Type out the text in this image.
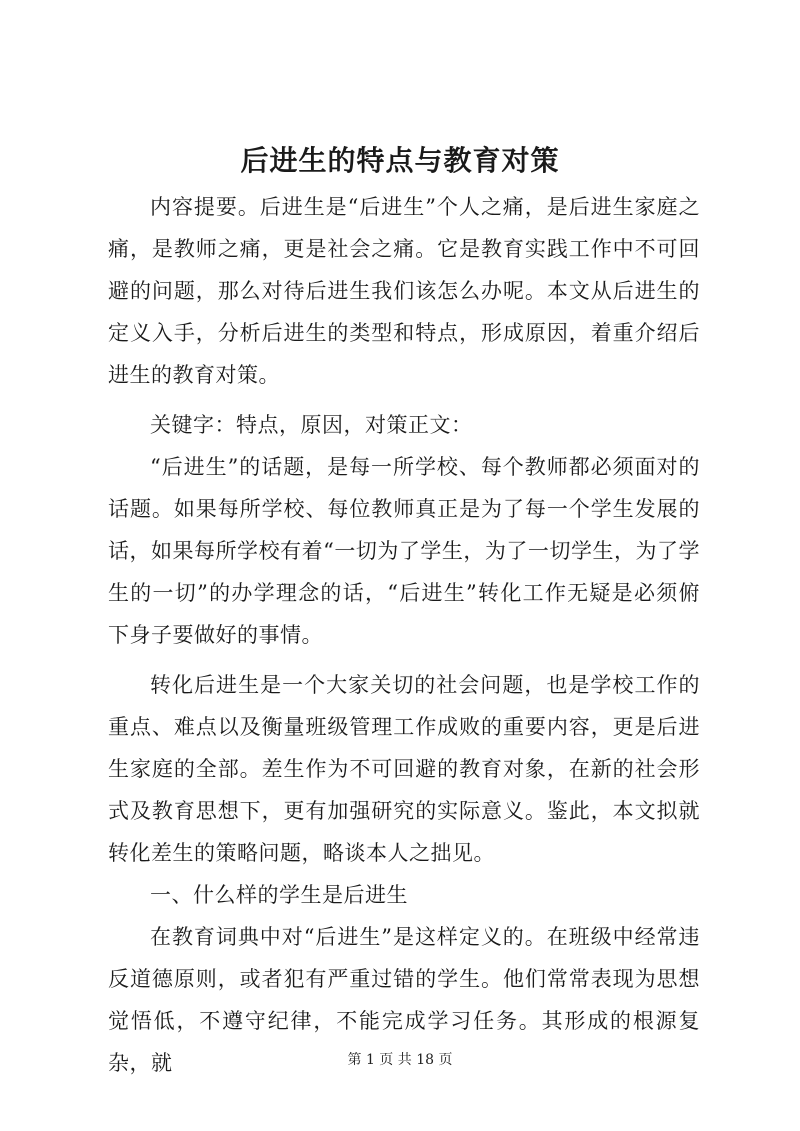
后进生的特点与教育对策

内容提要。后进生是“后进生”个人之痛，是后进生家庭之痛，是教师之痛，更是社会之痛。它是教育实践工作中不可回避的问题，那么对待后进生我们该怎么办呢。本文从后进生的定义入手，分析后进生的类型和特点，形成原因，着重介绍后进生的教育对策。

关键字：特点，原因，对策正文：

“后进生”的话题，是每一所学校、每个教师都必须面对的话题。如果每所学校、每位教师真正是为了每一个学生发展的话，如果每所学校有着“一切为了学生，为了一切学生，为了学生的一切”的办学理念的话，“后进生”转化工作无疑是必须俯下身子要做好的事情。

转化后进生是一个大家关切的社会问题，也是学校工作的重点、难点以及衡量班级管理工作成败的重要内容，更是后进生家庭的全部。差生作为不可回避的教育对象，在新的社会形式及教育思想下，更有加强研究的实际意义。鉴此，本文拟就转化差生的策略问题，略谈本人之拙见。

一、什么样的学生是后进生

在教育词典中对“后进生”是这样定义的。在班级中经常违反道德原则，或者犯有严重过错的学生。他们常常表现为思想觉悟低，不遵守纪律，不能完成学习任务。其形成的根源复杂，就	第 1 页 共 18 页
